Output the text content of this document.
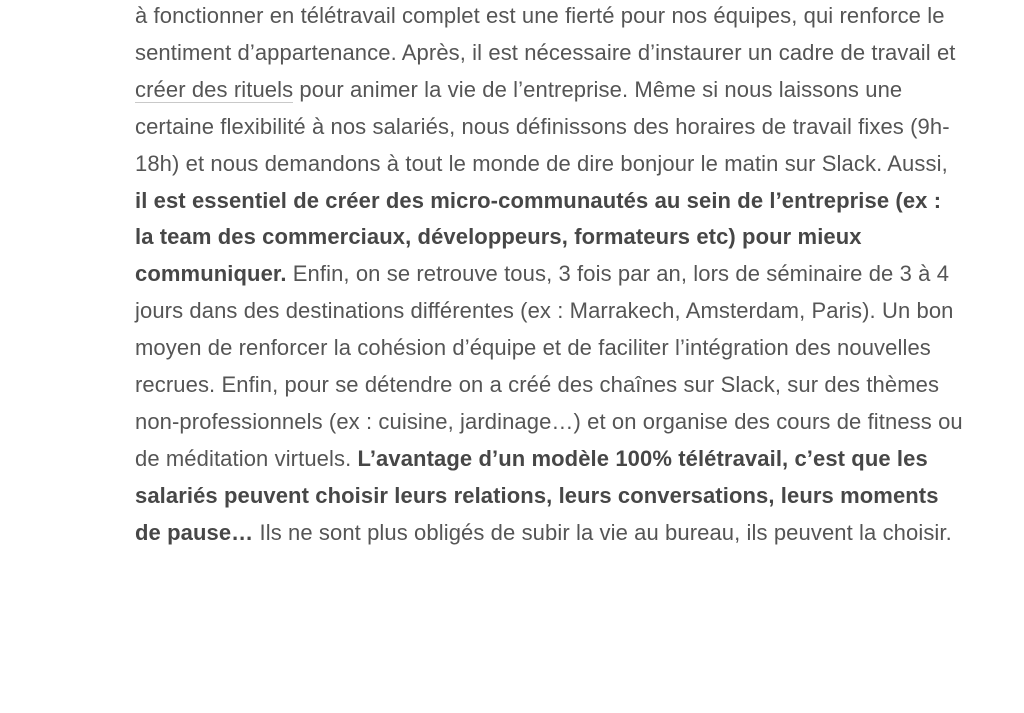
à fonctionner en télétravail complet est une fierté pour nos équipes, qui renforce le sentiment d’appartenance. Après, il est nécessaire d’instaurer un cadre de travail et créer des rituels pour animer la vie de l’entreprise. Même si nous laissons une certaine flexibilité à nos salariés, nous définissons des horaires de travail fixes (9h-18h) et nous demandons à tout le monde de dire bonjour le matin sur Slack. Aussi, il est essentiel de créer des micro-communautés au sein de l’entreprise (ex : la team des commerciaux, développeurs, formateurs etc) pour mieux communiquer. Enfin, on se retrouve tous, 3 fois par an, lors de séminaire de 3 à 4 jours dans des destinations différentes (ex : Marrakech, Amsterdam, Paris). Un bon moyen de renforcer la cohésion d’équipe et de faciliter l’intégration des nouvelles recrues. Enfin, pour se détendre on a créé des chaînes sur Slack, sur des thèmes non-professionnels (ex : cuisine, jardinage…) et on organise des cours de fitness ou de méditation virtuels. L’avantage d’un modèle 100% télétravail, c’est que les salariés peuvent choisir leurs relations, leurs conversations, leurs moments de pause… Ils ne sont plus obligés de subir la vie au bureau, ils peuvent la choisir.
